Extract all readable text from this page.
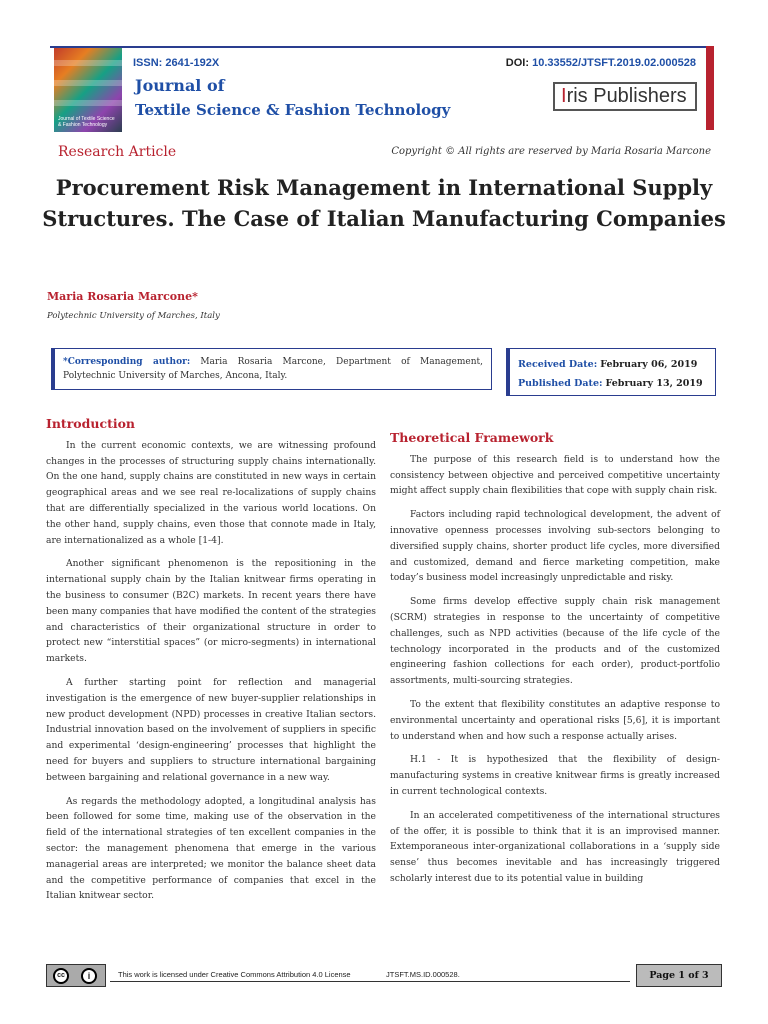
Journal of Textile Science & Fashion Technology
ISSN: 2641-192X	DOI: 10.33552/JTSFT.2019.02.000528
Journal of
Textile Science & Fashion Technology
Iris Publishers
Research Article	Copyright © All rights are reserved by Maria Rosaria Marcone
Procurement Risk Management in International Supply Structures. The Case of Italian Manufacturing Companies
Maria Rosaria Marcone*
Polytechnic University of Marches, Italy
*Corresponding author: Maria Rosaria Marcone, Department of Management, Polytechnic University of Marches, Ancona, Italy.
Received Date: February 06, 2019
Published Date: February 13, 2019
Introduction

In the current economic contexts, we are witnessing profound changes in the processes of structuring supply chains internationally. On the one hand, supply chains are constituted in new ways in certain geographical areas and we see real re-localizations of supply chains that are differentially specialized in the various world locations. On the other hand, supply chains, even those that connote made in Italy, are internationalized as a whole [1-4].

Another significant phenomenon is the repositioning in the international supply chain by the Italian knitwear firms operating in the business to consumer (B2C) markets. In recent years there have been many companies that have modified the content of the strategies and characteristics of their organizational structure in order to protect new “interstitial spaces” (or micro-segments) in international markets.

A further starting point for reflection and managerial investigation is the emergence of new buyer-supplier relationships in new product development (NPD) processes in creative Italian sectors. Industrial innovation based on the involvement of suppliers in specific and experimental ‘design-engineering’ processes that highlight the need for buyers and suppliers to structure international bargaining between bargaining and relational governance in a new way.

As regards the methodology adopted, a longitudinal analysis has been followed for some time, making use of the observation in the field of the international strategies of ten excellent companies in the sector: the management phenomena that emerge in the various managerial areas are interpreted; we monitor the balance sheet data and the competitive performance of companies that excel in the Italian knitwear sector.

Theoretical Framework

The purpose of this research field is to understand how the consistency between objective and perceived competitive uncertainty might affect supply chain flexibilities that cope with supply chain risk.

Factors including rapid technological development, the advent of innovative openness processes involving sub-sectors belonging to diversified supply chains, shorter product life cycles, more diversified and customized, demand and fierce marketing competition, make today’s business model increasingly unpredictable and risky.

Some firms develop effective supply chain risk management (SCRM) strategies in response to the uncertainty of competitive challenges, such as NPD activities (because of the life cycle of the technology incorporated in the products and of the customized engineering fashion collections for each order), product-portfolio assortments, multi-sourcing strategies.

To the extent that flexibility constitutes an adaptive response to environmental uncertainty and operational risks [5,6], it is important to understand when and how such a response actually arises.

H.1 - It is hypothesized that the flexibility of design-manufacturing systems in creative knitwear firms is greatly increased in current technological contexts.

In an accelerated competitiveness of the international structures of the offer, it is possible to think that it is an improvised manner. Extemporaneous inter-organizational collaborations in a ‘supply side sense’ thus becomes inevitable and has increasingly triggered scholarly interest due to its potential value in building

cc	i	This work is licensed under Creative Commons Attribution 4.0 License	JTSFT.MS.ID.000528.	Page 1 of 3
